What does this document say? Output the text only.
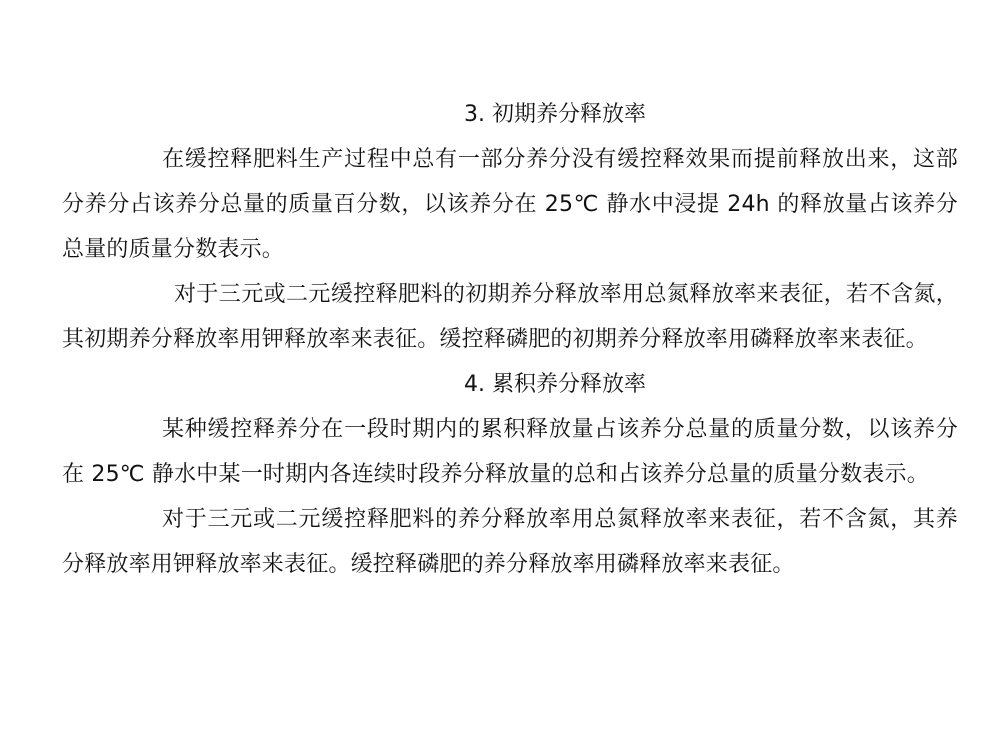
3. 初期养分释放率

在缓控释肥料生产过程中总有一部分养分没有缓控释效果而提前释放出来，这部分养分占该养分总量的质量百分数，以该养分在 25℃ 静水中浸提 24h 的释放量占该养分总量的质量分数表示。

对于三元或二元缓控释肥料的初期养分释放率用总氮释放率来表征，若不含氮，其初期养分释放率用钾释放率来表征。缓控释磷肥的初期养分释放率用磷释放率来表征。

4. 累积养分释放率

某种缓控释养分在一段时期内的累积释放量占该养分总量的质量分数，以该养分在 25℃ 静水中某一时期内各连续时段养分释放量的总和占该养分总量的质量分数表示。

对于三元或二元缓控释肥料的养分释放率用总氮释放率来表征，若不含氮，其养分释放率用钾释放率来表征。缓控释磷肥的养分释放率用磷释放率来表征。
